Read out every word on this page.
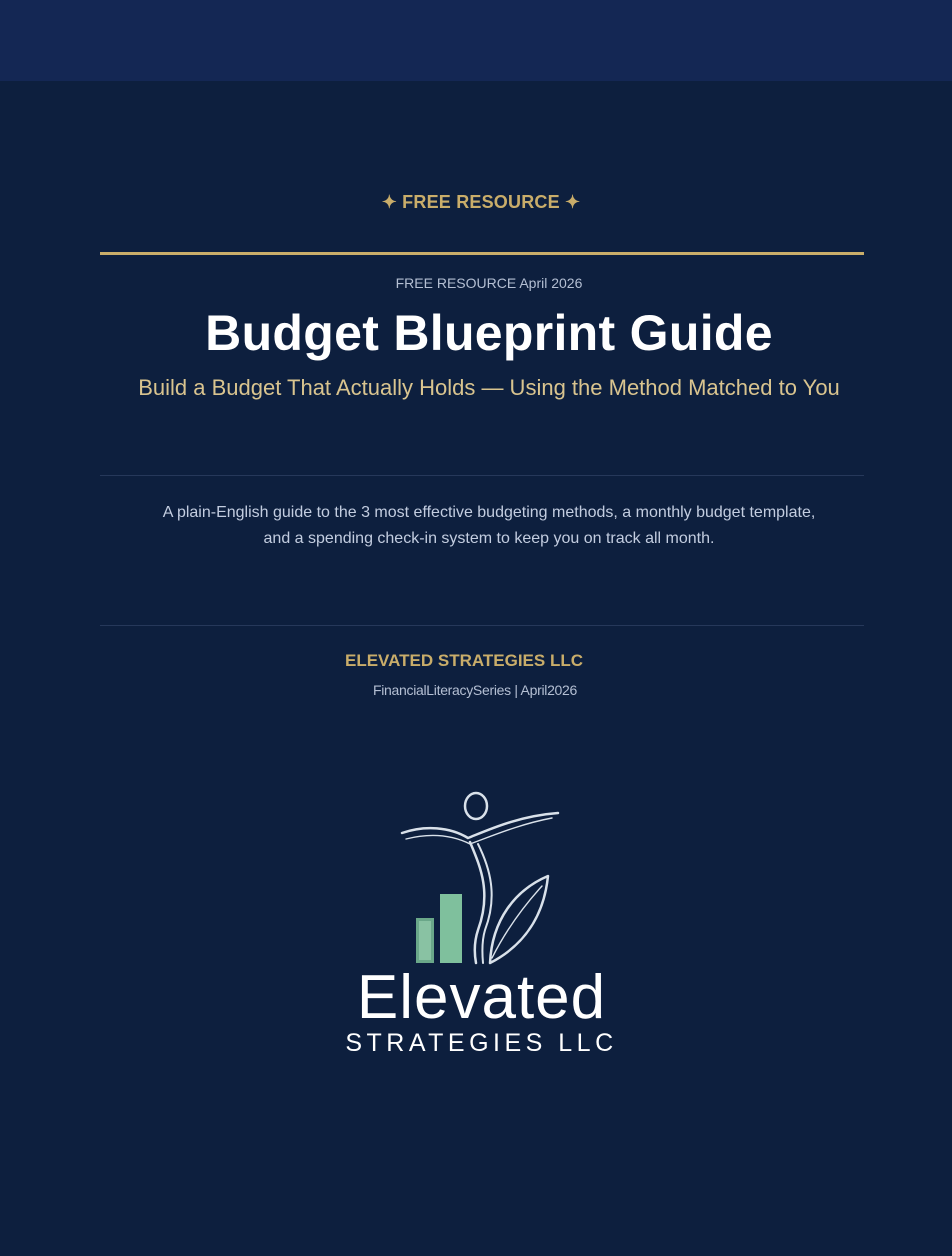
✦ FREE RESOURCE ✦
FREE RESOURCE April 2026
Budget Blueprint Guide
Build a Budget That Actually Holds — Using the Method Matched to You
A plain-English guide to the 3 most effective budgeting methods, a monthly budget template,
and a spending check-in system to keep you on track all month.
ELEVATED STRATEGIES LLC
FinancialLiteracySeries | April2026
Elevated
STRATEGIES LLC
